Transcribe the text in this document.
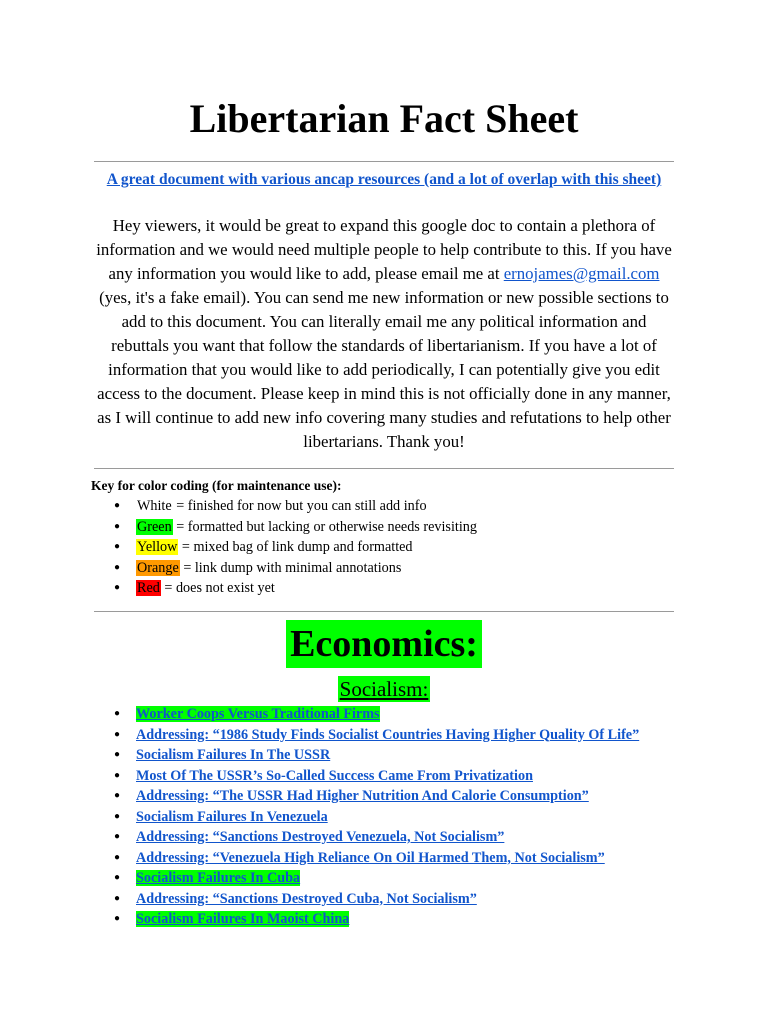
Libertarian Fact Sheet
A great document with various ancap resources (and a lot of overlap with this sheet)
Hey viewers, it would be great to expand this google doc to contain a plethora of information and we would need multiple people to help contribute to this. If you have any information you would like to add, please email me at ernojames@gmail.com (yes, it's a fake email). You can send me new information or new possible sections to add to this document. You can literally email me any political information and rebuttals you want that follow the standards of libertarianism. If you have a lot of information that you would like to add periodically, I can potentially give you edit access to the document. Please keep in mind this is not officially done in any manner, as I will continue to add new info covering many studies and refutations to help other libertarians. Thank you!
Key for color coding (for maintenance use):
● White = finished for now but you can still add info
● Green = formatted but lacking or otherwise needs revisiting
● Yellow = mixed bag of link dump and formatted
● Orange = link dump with minimal annotations
● Red = does not exist yet
Economics:
Socialism:
● Worker Coops Versus Traditional Firms
● Addressing: “1986 Study Finds Socialist Countries Having Higher Quality Of Life”
● Socialism Failures In The USSR
● Most Of The USSR’s So-Called Success Came From Privatization
● Addressing: “The USSR Had Higher Nutrition And Calorie Consumption”
● Socialism Failures In Venezuela
● Addressing: “Sanctions Destroyed Venezuela, Not Socialism”
● Addressing: “Venezuela High Reliance On Oil Harmed Them, Not Socialism”
● Socialism Failures In Cuba
● Addressing: “Sanctions Destroyed Cuba, Not Socialism”
● Socialism Failures In Maoist China
